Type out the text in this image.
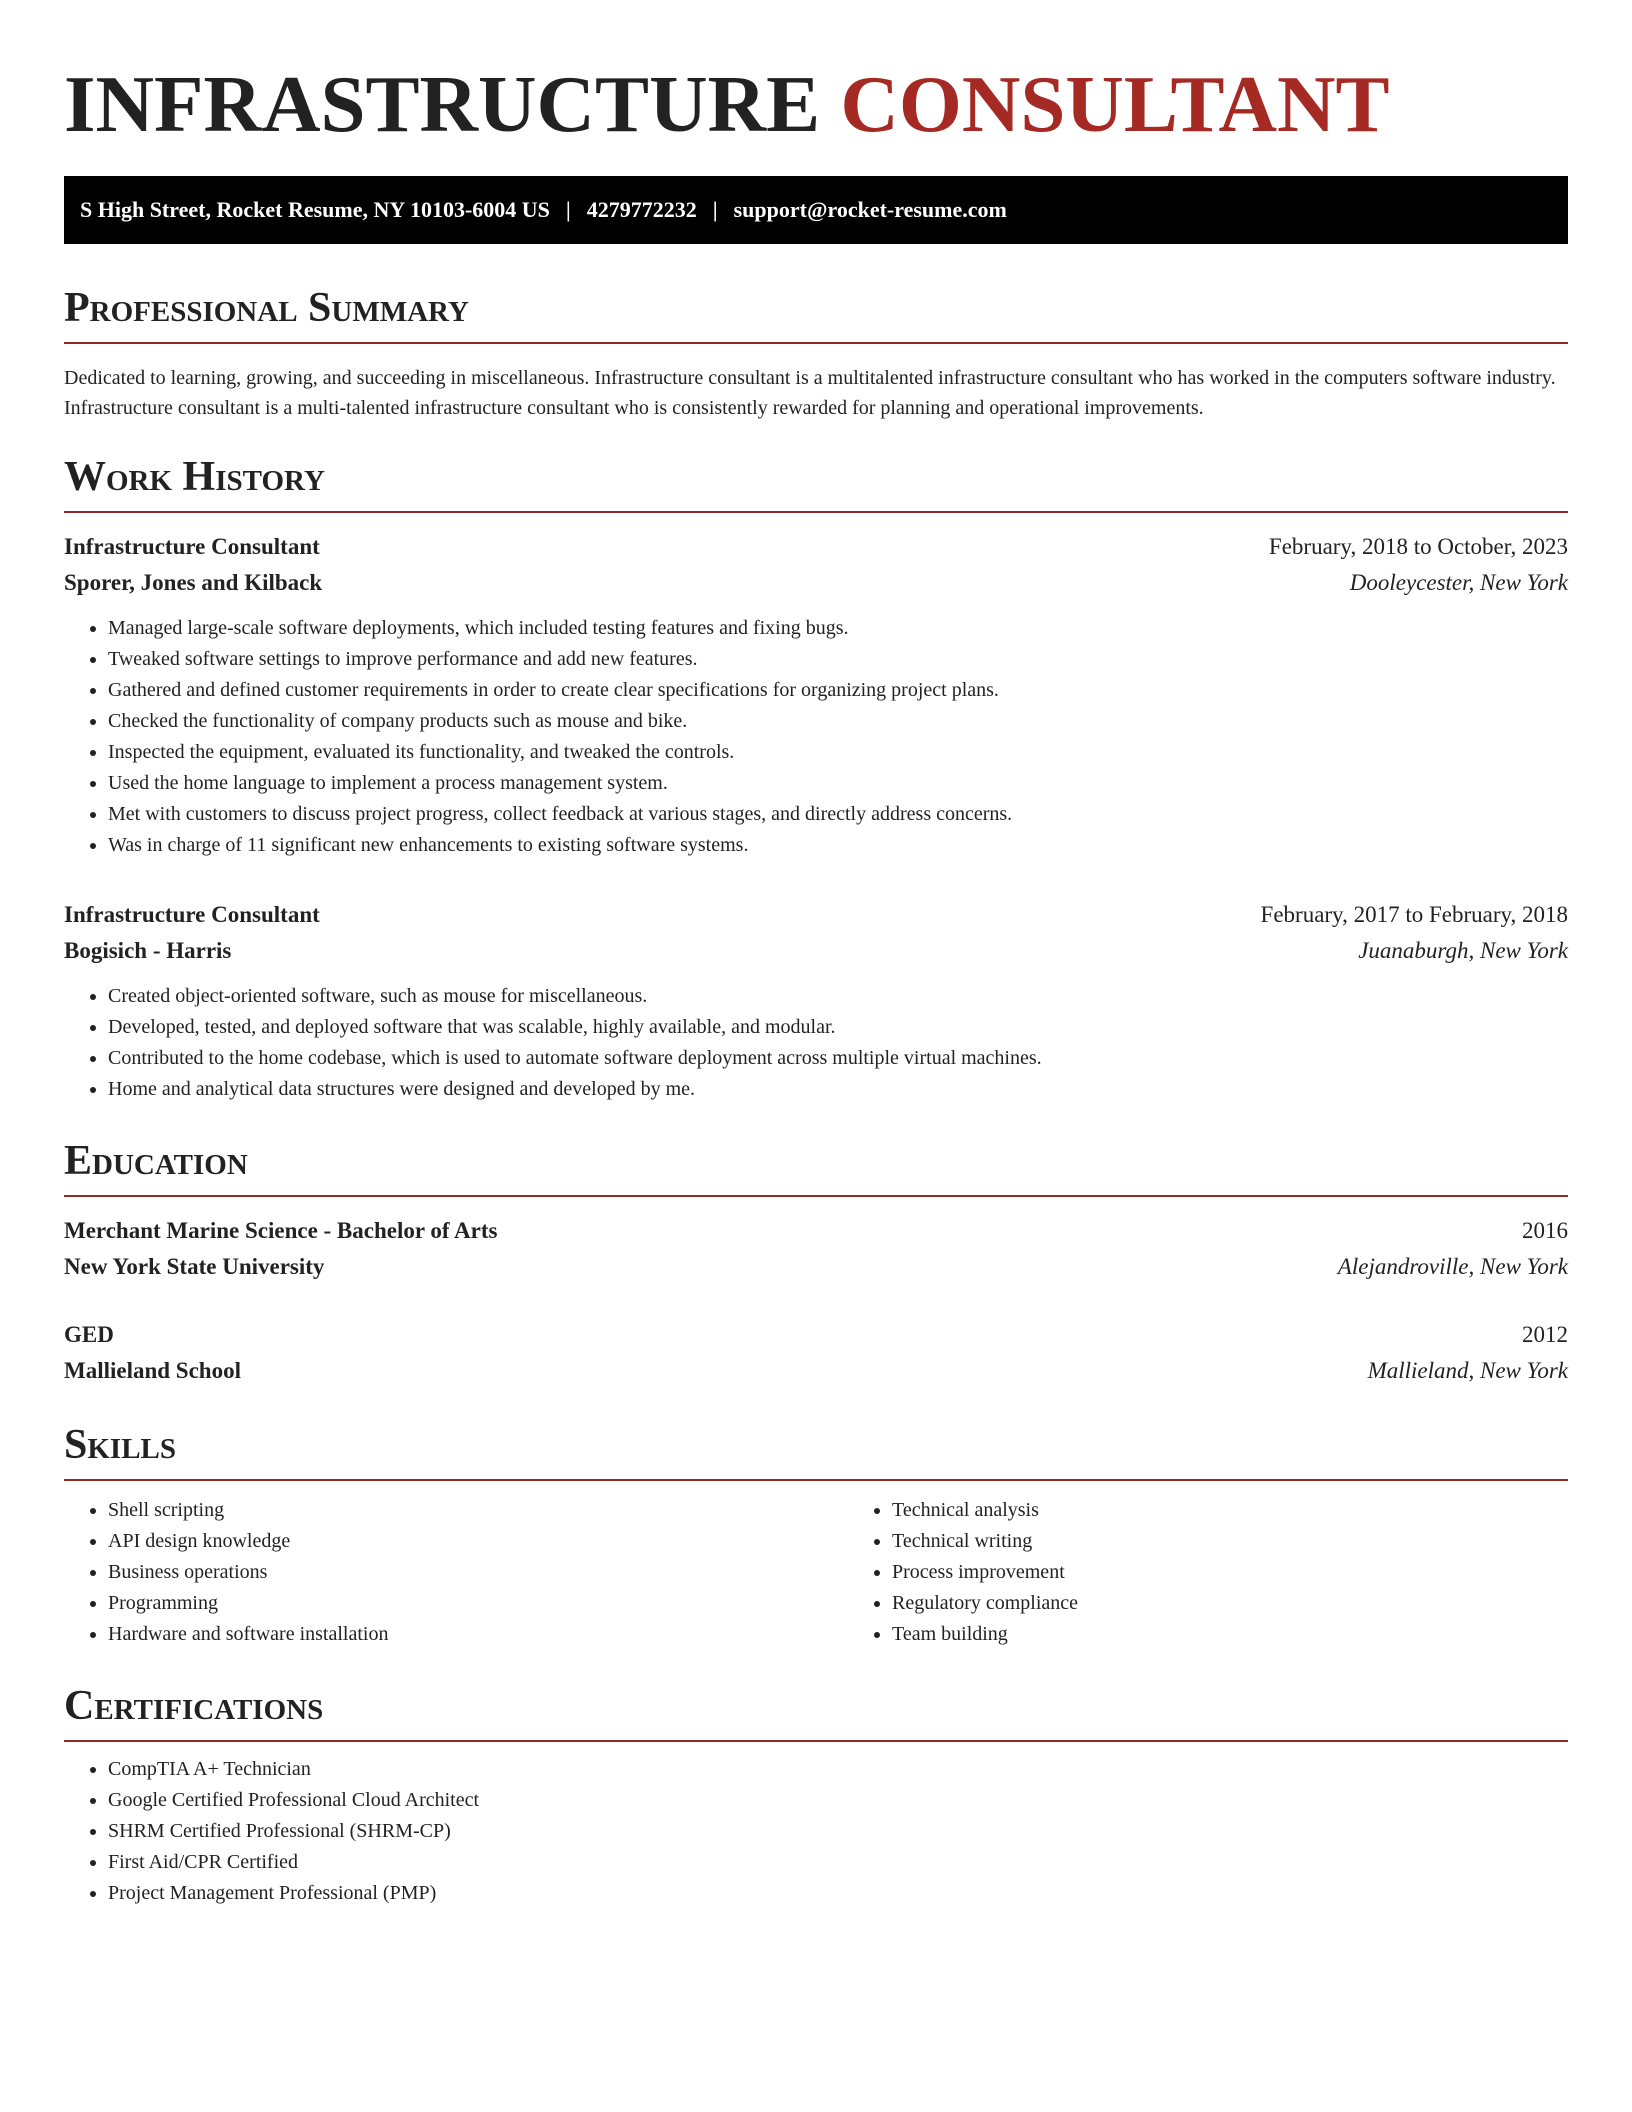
INFRASTRUCTURE CONSULTANT
S High Street, Rocket Resume, NY 10103-6004 US | 4279772232 | support@rocket-resume.com
Professional Summary

Dedicated to learning, growing, and succeeding in miscellaneous. Infrastructure consultant is a multitalented infrastructure consultant who has worked in the computers software industry. Infrastructure consultant is a multi-talented infrastructure consultant who is consistently rewarded for planning and operational improvements.

Work History
Infrastructure Consultant	February, 2018 to October, 2023
Sporer, Jones and Kilback	Dooleycester, New York
• Managed large-scale software deployments, which included testing features and fixing bugs.
• Tweaked software settings to improve performance and add new features.
• Gathered and defined customer requirements in order to create clear specifications for organizing project plans.
• Checked the functionality of company products such as mouse and bike.
• Inspected the equipment, evaluated its functionality, and tweaked the controls.
• Used the home language to implement a process management system.
• Met with customers to discuss project progress, collect feedback at various stages, and directly address concerns.
• Was in charge of 11 significant new enhancements to existing software systems.
Infrastructure Consultant	February, 2017 to February, 2018
Bogisich - Harris	Juanaburgh, New York
• Created object-oriented software, such as mouse for miscellaneous.
• Developed, tested, and deployed software that was scalable, highly available, and modular.
• Contributed to the home codebase, which is used to automate software deployment across multiple virtual machines.
• Home and analytical data structures were designed and developed by me.
Education
Merchant Marine Science - Bachelor of Arts	2016
New York State University	Alejandroville, New York
GED	2012
Mallieland School	Mallieland, New York
Skills
• Shell scripting
• API design knowledge
• Business operations
• Programming
• Hardware and software installation
• Technical analysis
• Technical writing
• Process improvement
• Regulatory compliance
• Team building
Certifications
• CompTIA A+ Technician
• Google Certified Professional Cloud Architect
• SHRM Certified Professional (SHRM-CP)
• First Aid/CPR Certified
• Project Management Professional (PMP)
